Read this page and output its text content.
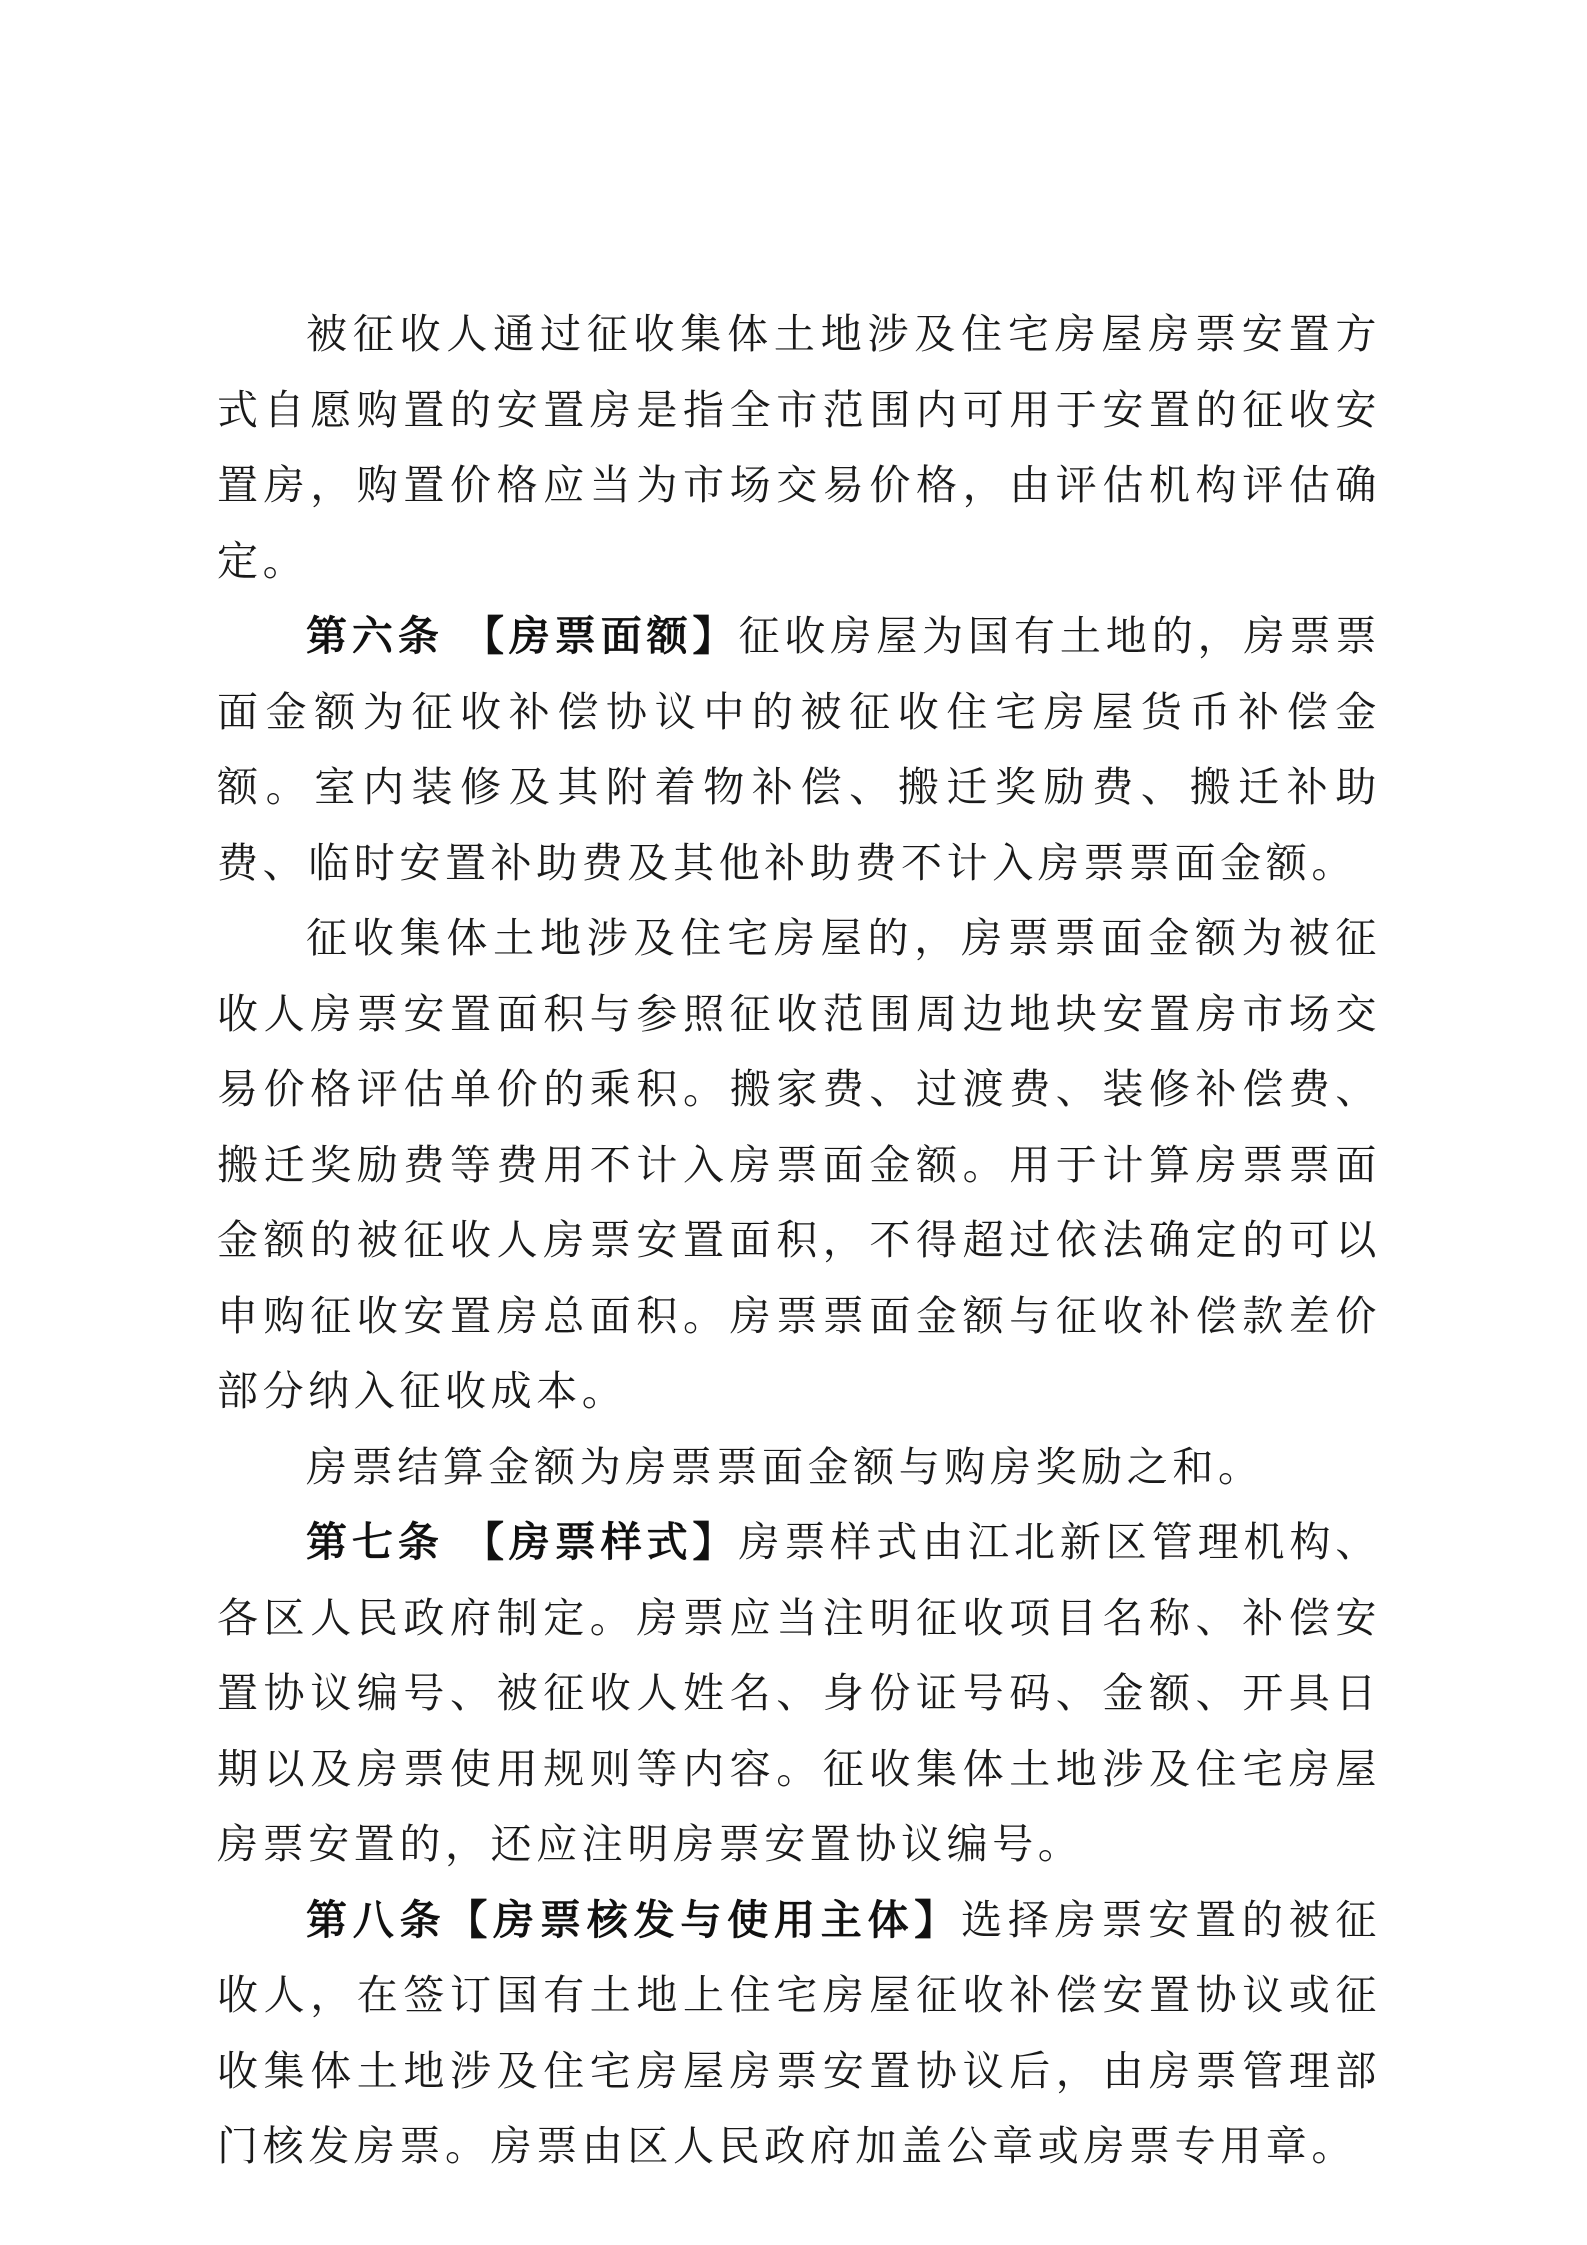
被征收人通过征收集体土地涉及住宅房屋房票安置方式自愿购置的安置房是指全市范围内可用于安置的征收安置房，购置价格应当为市场交易价格，由评估机构评估确定。

第六条 【房票面额】征收房屋为国有土地的，房票票面金额为征收补偿协议中的被征收住宅房屋货币补偿金额。室内装修及其附着物补偿、搬迁奖励费、搬迁补助费、临时安置补助费及其他补助费不计入房票票面金额。

征收集体土地涉及住宅房屋的，房票票面金额为被征收人房票安置面积与参照征收范围周边地块安置房市场交易价格评估单价的乘积。搬家费、过渡费、装修补偿费、搬迁奖励费等费用不计入房票面金额。用于计算房票票面金额的被征收人房票安置面积，不得超过依法确定的可以申购征收安置房总面积。房票票面金额与征收补偿款差价部分纳入征收成本。

房票结算金额为房票票面金额与购房奖励之和。

第七条 【房票样式】房票样式由江北新区管理机构、各区人民政府制定。房票应当注明征收项目名称、补偿安置协议编号、被征收人姓名、身份证号码、金额、开具日期以及房票使用规则等内容。征收集体土地涉及住宅房屋房票安置的，还应注明房票安置协议编号。

第八条【房票核发与使用主体】选择房票安置的被征收人，在签订国有土地上住宅房屋征收补偿安置协议或征收集体土地涉及住宅房屋房票安置协议后，由房票管理部门核发房票。房票由区人民政府加盖公章或房票专用章。
